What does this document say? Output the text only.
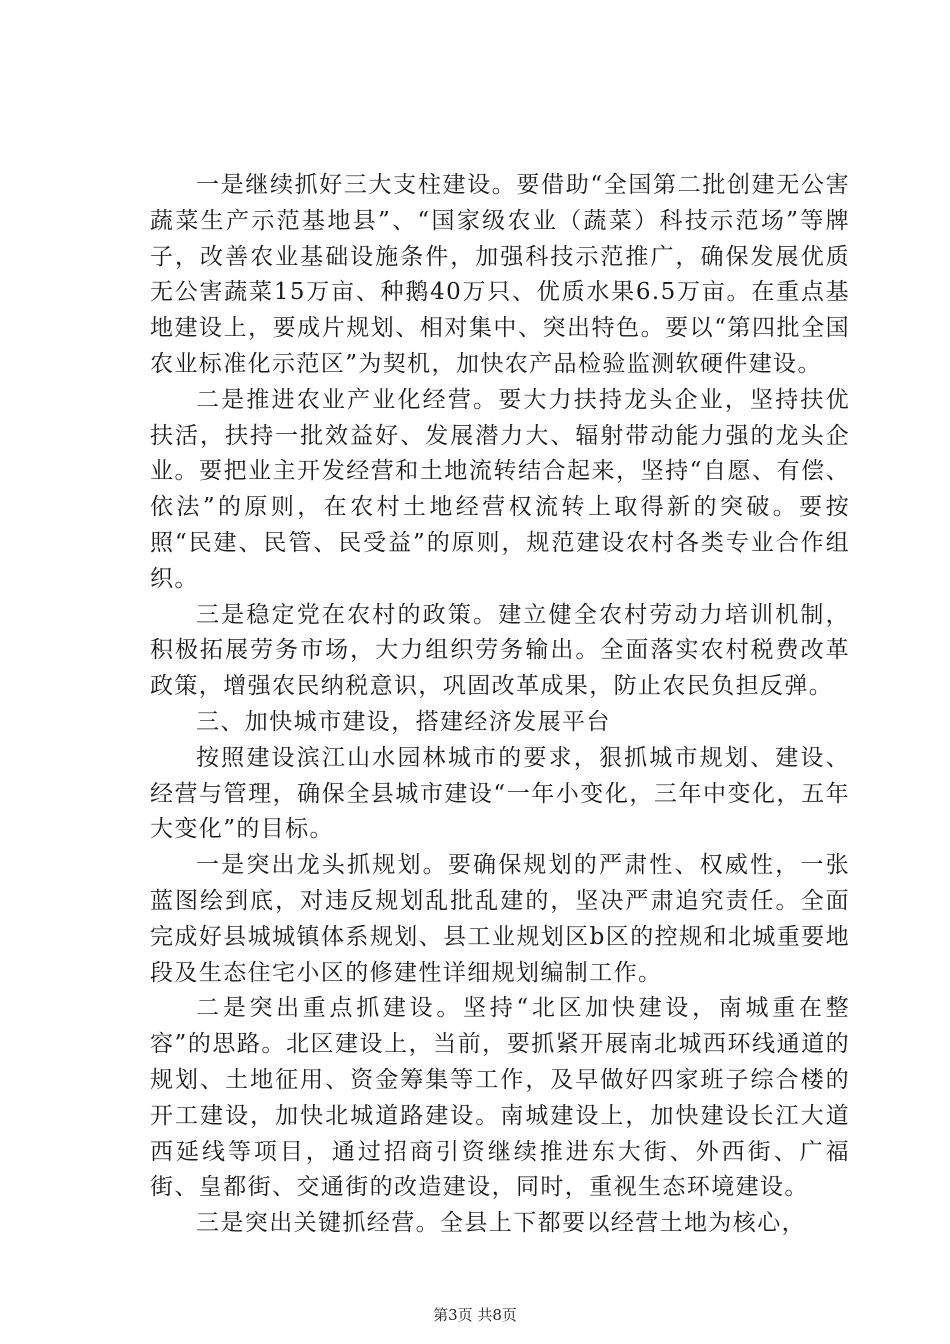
一是继续抓好三大支柱建设。要借助“全国第二批创建无公害蔬菜生产示范基地县”、“国家级农业（蔬菜）科技示范场”等牌子，改善农业基础设施条件，加强科技示范推广，确保发展优质无公害蔬菜15万亩、种鹅40万只、优质水果6.5万亩。在重点基地建设上，要成片规划、相对集中、突出特色。要以“第四批全国农业标准化示范区”为契机，加快农产品检验监测软硬件建设。

二是推进农业产业化经营。要大力扶持龙头企业，坚持扶优扶活，扶持一批效益好、发展潜力大、辐射带动能力强的龙头企业。要把业主开发经营和土地流转结合起来，坚持“自愿、有偿、依法”的原则，在农村土地经营权流转上取得新的突破。要按照“民建、民管、民受益”的原则，规范建设农村各类专业合作组织。

三是稳定党在农村的政策。建立健全农村劳动力培训机制，积极拓展劳务市场，大力组织劳务输出。全面落实农村税费改革政策，增强农民纳税意识，巩固改革成果，防止农民负担反弹。

三、加快城市建设，搭建经济发展平台

按照建设滨江山水园林城市的要求，狠抓城市规划、建设、经营与管理，确保全县城市建设“一年小变化，三年中变化，五年大变化”的目标。

一是突出龙头抓规划。要确保规划的严肃性、权威性，一张蓝图绘到底，对违反规划乱批乱建的，坚决严肃追究责任。全面完成好县城城镇体系规划、县工业规划区b区的控规和北城重要地段及生态住宅小区的修建性详细规划编制工作。

二是突出重点抓建设。坚持“北区加快建设，南城重在整容”的思路。北区建设上，当前，要抓紧开展南北城西环线通道的规划、土地征用、资金筹集等工作，及早做好四家班子综合楼的开工建设，加快北城道路建设。南城建设上，加快建设长江大道西延线等项目，通过招商引资继续推进东大街、外西街、广福街、皇都街、交通街的改造建设，同时，重视生态环境建设。

三是突出关键抓经营。全县上下都要以经营土地为核心，

第3页 共8页
